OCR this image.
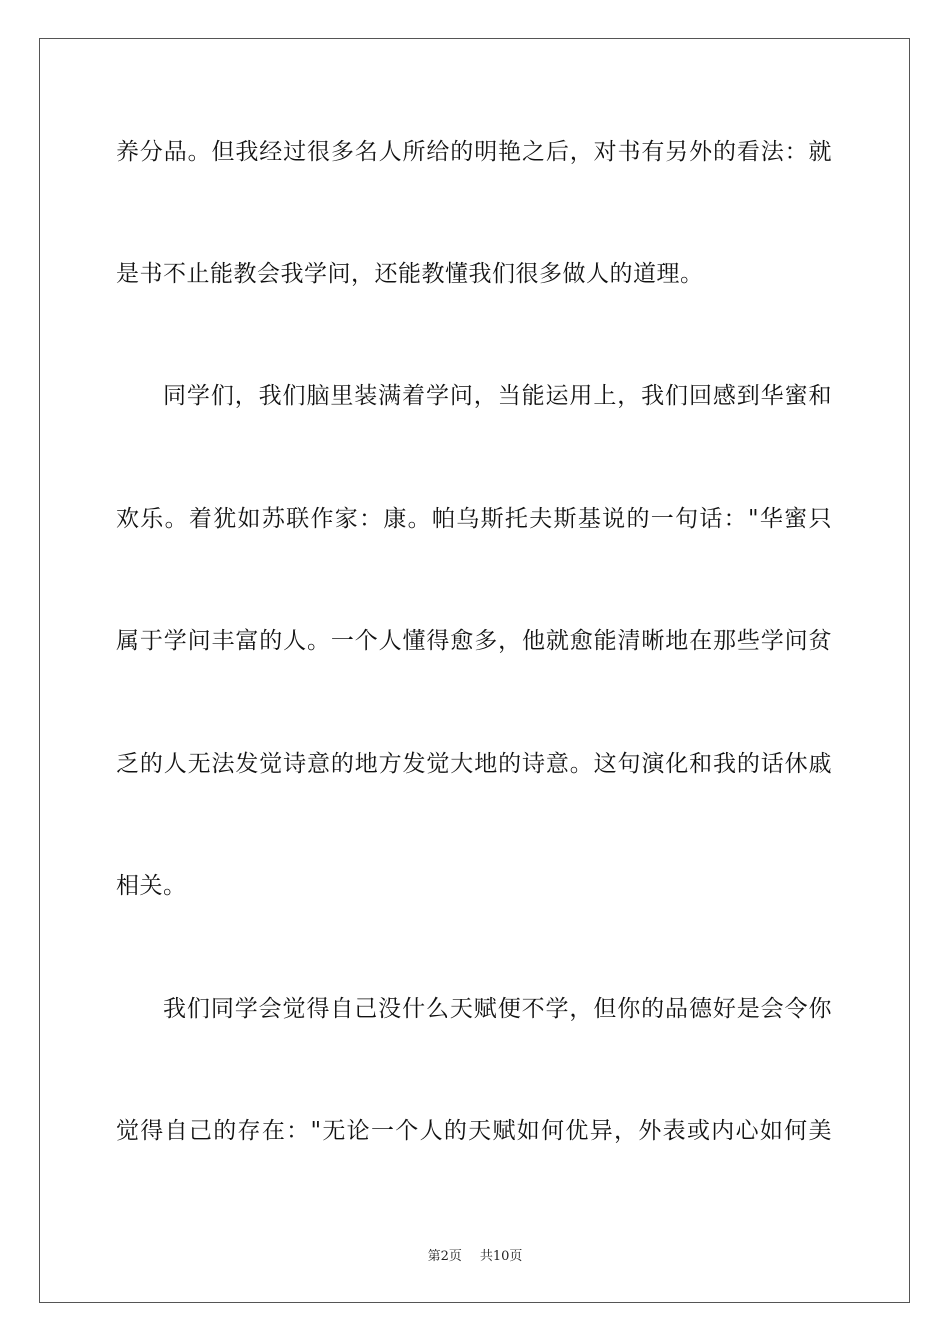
养分品。但我经过很多名人所给的明艳之后，对书有另外的看法：就
是书不止能教会我学问，还能教懂我们很多做人的道理。
同学们，我们脑里装满着学问，当能运用上，我们回感到华蜜和
欢乐。着犹如苏联作家：康。帕乌斯托夫斯基说的一句话："华蜜只
属于学问丰富的人。一个人懂得愈多，他就愈能清晰地在那些学问贫
乏的人无法发觉诗意的地方发觉大地的诗意。这句演化和我的话休戚
相关。
我们同学会觉得自己没什么天赋便不学，但你的品德好是会令你
觉得自己的存在："无论一个人的天赋如何优异，外表或内心如何美
第2页 共10页
